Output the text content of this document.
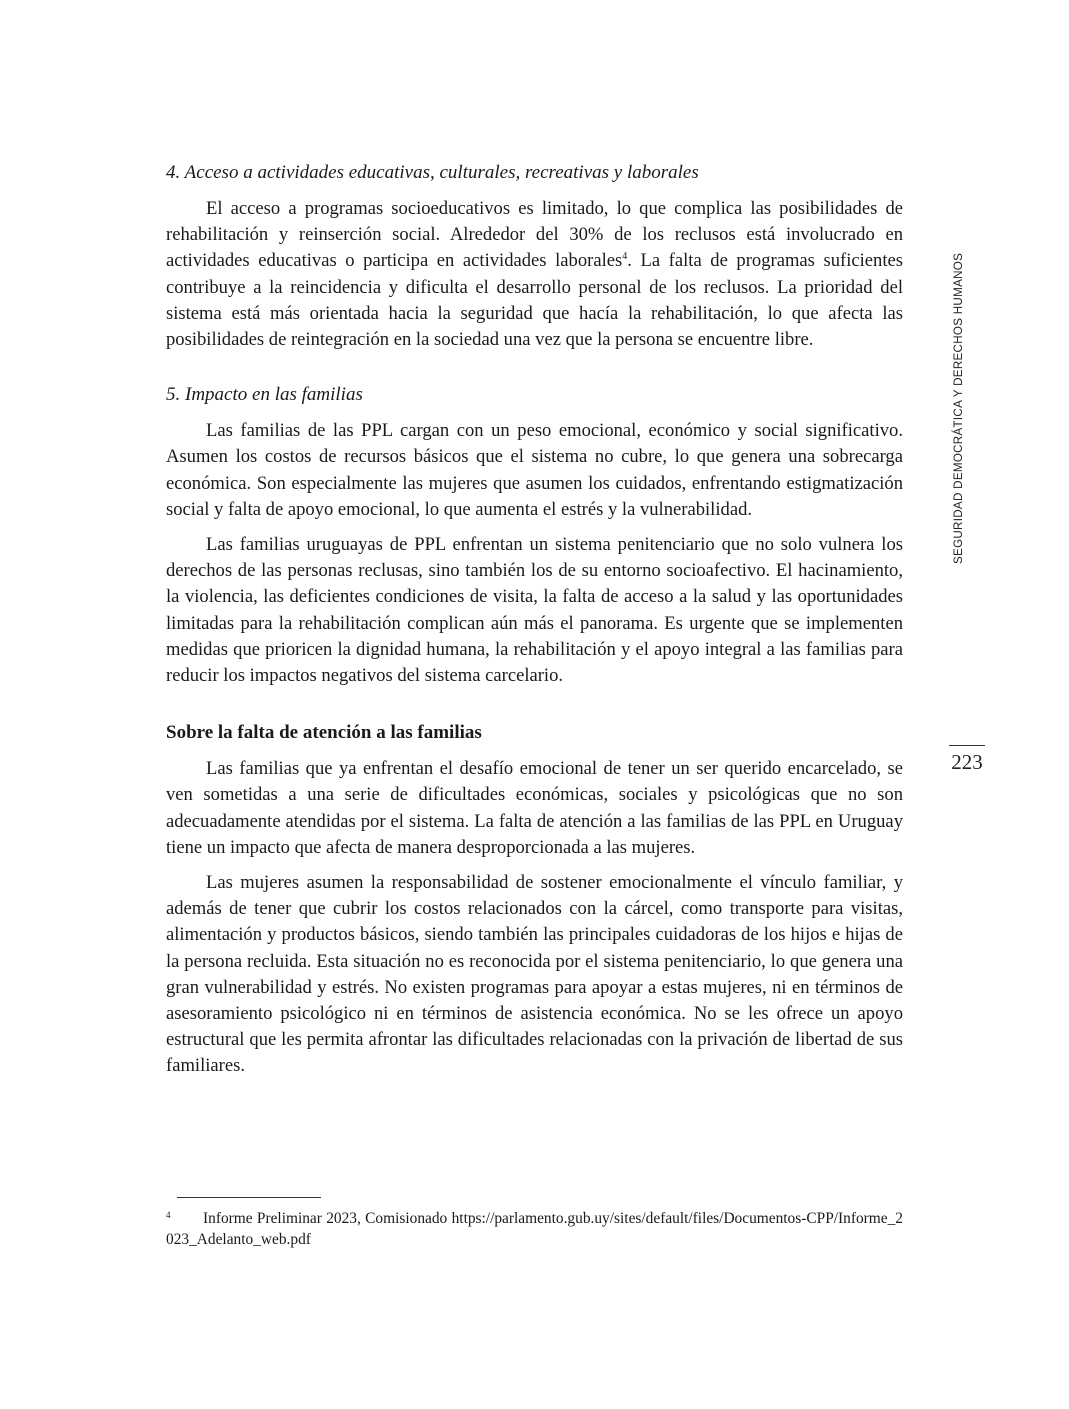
4. Acceso a actividades educativas, culturales, recreativas y laborales

El acceso a programas socioeducativos es limitado, lo que complica las posibilidades de rehabilitación y reinserción social. Alrededor del 30% de los reclusos está involucrado en actividades educativas o participa en actividades laborales$^4$. La falta de programas suficientes contribuye a la reincidencia y dificulta el desarrollo personal de los reclusos. La prioridad del sistema está más orientada hacia la seguridad que hacía la rehabilitación, lo que afecta las posibilidades de reintegración en la sociedad una vez que la persona se encuentre libre.

5. Impacto en las familias

Las familias de las PPL cargan con un peso emocional, económico y social significativo. Asumen los costos de recursos básicos que el sistema no cubre, lo que genera una sobrecarga económica. Son especialmente las mujeres que asumen los cuidados, enfrentando estigmatización social y falta de apoyo emocional, lo que aumenta el estrés y la vulnerabilidad.

Las familias uruguayas de PPL enfrentan un sistema penitenciario que no solo vulnera los derechos de las personas reclusas, sino también los de su entorno socioafectivo. El hacinamiento, la violencia, las deficientes condiciones de visita, la falta de acceso a la salud y las oportunidades limitadas para la rehabilitación complican aún más el panorama. Es urgente que se implementen medidas que prioricen la dignidad humana, la rehabilitación y el apoyo integral a las familias para reducir los impactos negativos del sistema carcelario.

Sobre la falta de atención a las familias

Las familias que ya enfrentan el desafío emocional de tener un ser querido encarcelado, se ven sometidas a una serie de dificultades económicas, sociales y psicológicas que no son adecuadamente atendidas por el sistema. La falta de atención a las familias de las PPL en Uruguay tiene un impacto que afecta de manera desproporcionada a las mujeres.

Las mujeres asumen la responsabilidad de sostener emocionalmente el vínculo familiar, y además de tener que cubrir los costos relacionados con la cárcel, como transporte para visitas, alimentación y productos básicos, siendo también las principales cuidadoras de los hijos e hijas de la persona recluida. Esta situación no es reconocida por el sistema penitenciario, lo que genera una gran vulnerabilidad y estrés. No existen programas para apoyar a estas mujeres, ni en términos de asesoramiento psicológico ni en términos de asistencia económica. No se les ofrece un apoyo estructural que les permita afrontar las dificultades relacionadas con la privación de libertad de sus familiares.

SEGURIDAD DEMOCRÁTICA Y DERECHOS HUMANOS
223
4 Informe Preliminar 2023, Comisionado https://parlamento.gub.uy/sites/default/files/Documentos-CPP/Informe_2023_Adelanto_web.pdf
